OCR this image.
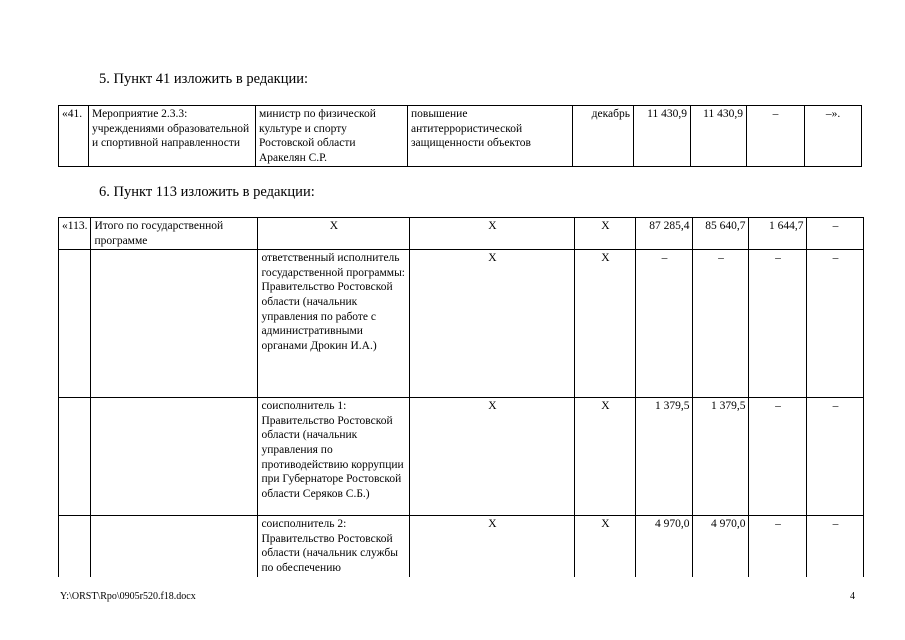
5. Пункт 41 изложить в редакции:
«41.	Мероприятие 2.3.3: учреждениями образовательной и спортивной направленности	министр по физической культуре и спорту Ростовской области Аракелян С.Р.	повышение антитеррористической защищенности объектов	декабрь	11 430,9	11 430,9	–	–».
6. Пункт 113 изложить в редакции:
«113.	Итого по государственной программе	Х	Х	Х	87 285,4	85 640,7	1 644,7	–
		ответственный исполнитель государственной программы: Правительство Ростовской области (начальник управления по работе с административными органами Дрокин И.А.)	Х	Х	–	–	–	–
		соисполнитель 1: Правительство Ростовской области (начальник управления по противодействию коррупции при Губернаторе Ростовской области Серяков С.Б.)	Х	Х	1 379,5	1 379,5	–	–
		соисполнитель 2: Правительство Ростовской области (начальник службы по обеспечению	Х	Х	4 970,0	4 970,0	–	–
Y:\ORST\Rpo\0905r520.f18.docx	4
